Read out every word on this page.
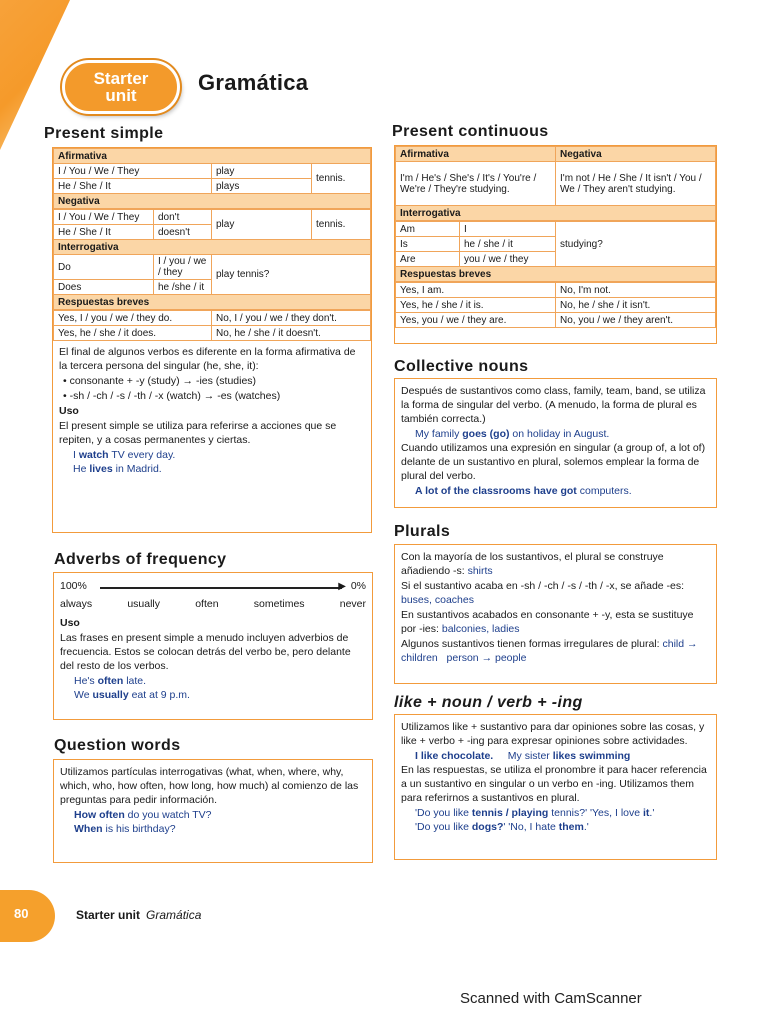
Starter
unit
Gramática
Present simple
Afirmativa		
I / You / We / They	play	tennis.
He / She / It	plays	
Negativa		
I / You / We / They	don't	play	tennis.
He / She / It	doesn't		
Interrogativa			
Do	I / you / we / they	play tennis?	
Does	he /she / it		
Respuestas breves			
Yes, I / you / we / they do.	No, I / you / we / they don't.
Yes, he / she / it does.	No, he / she / it doesn't.

El final de algunos verbos es diferente en la forma afirmativa de la tercera persona del singular (he, she, it):

• consonante + -y (study) → -ies (studies)

• -sh / -ch / -s / -th / -x (watch) → -es (watches)

Uso

El present simple se utiliza para referirse a acciones que se repiten, y a cosas permanentes y ciertas.

I watch TV every day.
He lives in Madrid.
Adverbs of frequency
100%	▶ 0%
always	usually	often	sometimes	never

Uso

Las frases en present simple a menudo incluyen adverbios de frecuencia. Estos se colocan detrás del verbo be, pero delante del resto de los verbos.

He's often late.
We usually eat at 9 p.m.
Question words

Utilizamos partículas interrogativas (what, when, where, why, which, who, how often, how long, how much) al comienzo de las preguntas para pedir información.

How often do you watch TV?
When is his birthday?
Present continuous
Afirmativa	Negativa
I'm / He's / She's / It's / You're / We're / They're studying.	I'm not / He / She / It isn't / You / We / They aren't studying.
Interrogativa	
Am	I	studying?
Is	he / she / it	
Are	you / we / they	
Respuestas breves		
Yes, I am.	No, I'm not.
Yes, he / she / it is.	No, he / she / it isn't.
Yes, you / we / they are.	No, you / we / they aren't.
Collective nouns

Después de sustantivos como class, family, team, band, se utiliza la forma de singular del verbo. (A menudo, la forma de plural es también correcta.)

My family goes (go) on holiday in August.

Cuando utilizamos una expresión en singular (a group of, a lot of) delante de un sustantivo en plural, solemos emplear la forma de plural del verbo.

A lot of the classrooms have got computers.
Plurals

Con la mayoría de los sustantivos, el plural se construye añadiendo -s: shirts

Si el sustantivo acaba en -sh / -ch / -s / -th / -x, se añade -es: buses, coaches

En sustantivos acabados en consonante + -y, esta se sustituye por -ies: balconies, ladies

Algunos sustantivos tienen formas irregulares de plural: child → children person → people

like + noun / verb + -ing

Utilizamos like + sustantivo para dar opiniones sobre las cosas, y like + verbo + -ing para expresar opiniones sobre actividades.

I like chocolate. My sister likes swimming

En las respuestas, se utiliza el pronombre it para hacer referencia a un sustantivo en singular o un verbo en -ing. Utilizamos them para referirnos a sustantivos en plural.

'Do you like tennis / playing tennis?' 'Yes, I love it.'
'Do you like dogs?' 'No, I hate them.'
80	Starter unit Gramática
Scanned with CamScanner
